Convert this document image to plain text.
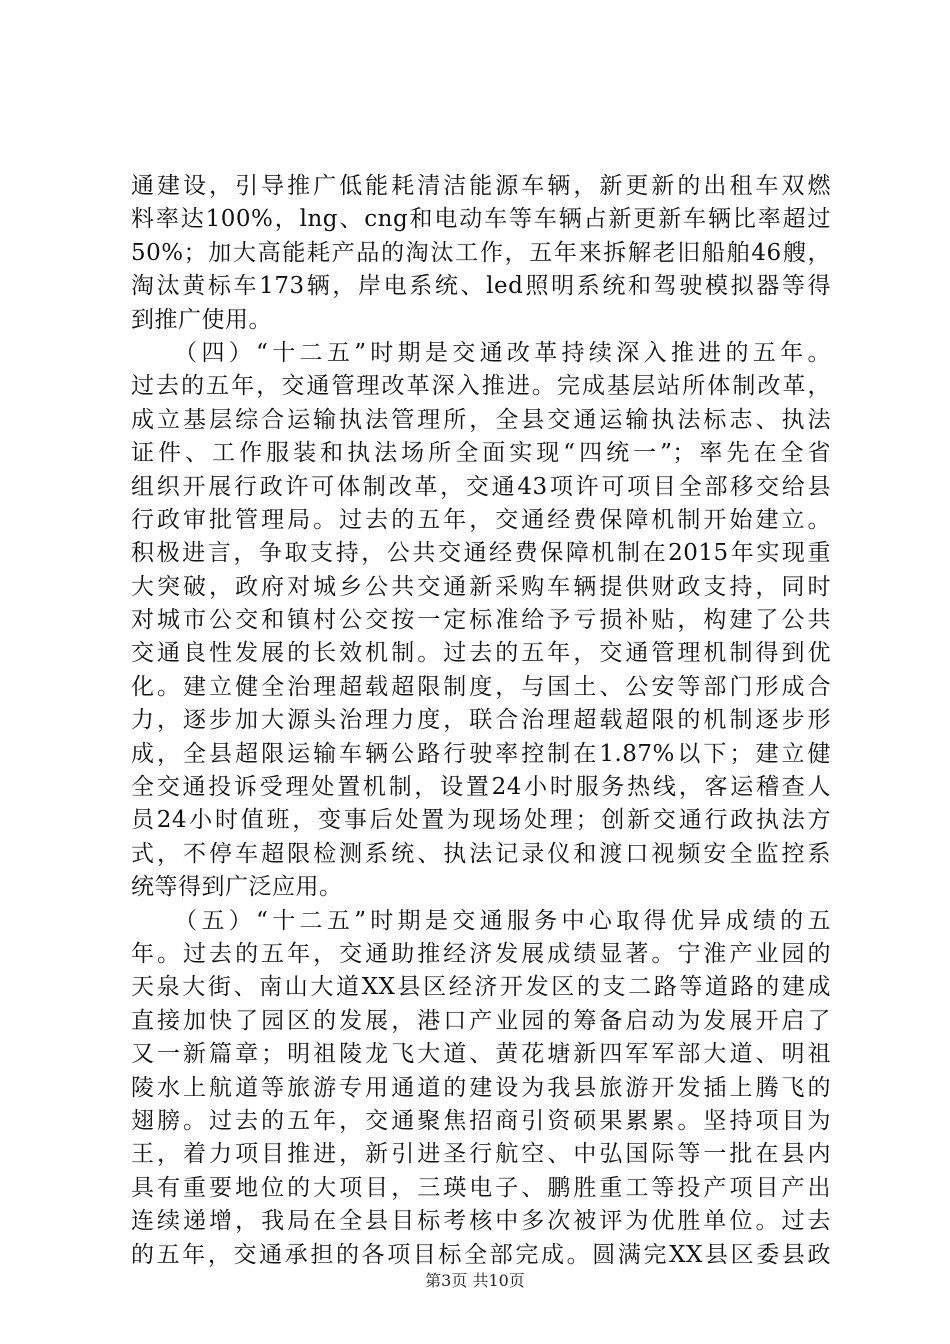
通建设，引导推广低能耗清洁能源车辆，新更新的出租车双燃
料率达100%，lng、cng和电动车等车辆占新更新车辆比率超过
50%；加大高能耗产品的淘汰工作，五年来拆解老旧船舶46艘，
淘汰黄标车173辆，岸电系统、led照明系统和驾驶模拟器等得
到推广使用。
　　（四）“十二五”时期是交通改革持续深入推进的五年。
过去的五年，交通管理改革深入推进。完成基层站所体制改革，
成立基层综合运输执法管理所，全县交通运输执法标志、执法
证件、工作服装和执法场所全面实现“四统一”；率先在全省
组织开展行政许可体制改革，交通43项许可项目全部移交给县
行政审批管理局。过去的五年，交通经费保障机制开始建立。
积极进言，争取支持，公共交通经费保障机制在2015年实现重
大突破，政府对城乡公共交通新采购车辆提供财政支持，同时
对城市公交和镇村公交按一定标准给予亏损补贴，构建了公共
交通良性发展的长效机制。过去的五年，交通管理机制得到优
化。建立健全治理超载超限制度，与国土、公安等部门形成合
力，逐步加大源头治理力度，联合治理超载超限的机制逐步形
成，全县超限运输车辆公路行驶率控制在1.87%以下；建立健
全交通投诉受理处置机制，设置24小时服务热线，客运稽查人
员24小时值班，变事后处置为现场处理；创新交通行政执法方
式，不停车超限检测系统、执法记录仪和渡口视频安全监控系
统等得到广泛应用。
　　（五）“十二五”时期是交通服务中心取得优异成绩的五
年。过去的五年，交通助推经济发展成绩显著。宁淮产业园的
天泉大街、南山大道XX县区经济开发区的支二路等道路的建成
直接加快了园区的发展，港口产业园的筹备启动为发展开启了
又一新篇章；明祖陵龙飞大道、黄花塘新四军军部大道、明祖
陵水上航道等旅游专用通道的建设为我县旅游开发插上腾飞的
翅膀。过去的五年，交通聚焦招商引资硕果累累。坚持项目为
王，着力项目推进，新引进圣行航空、中弘国际等一批在县内
具有重要地位的大项目，三瑛电子、鹏胜重工等投产项目产出
连续递增，我局在全县目标考核中多次被评为优胜单位。过去
的五年，交通承担的各项目标全部完成。圆满完XX县区委县政
第3页 共10页
